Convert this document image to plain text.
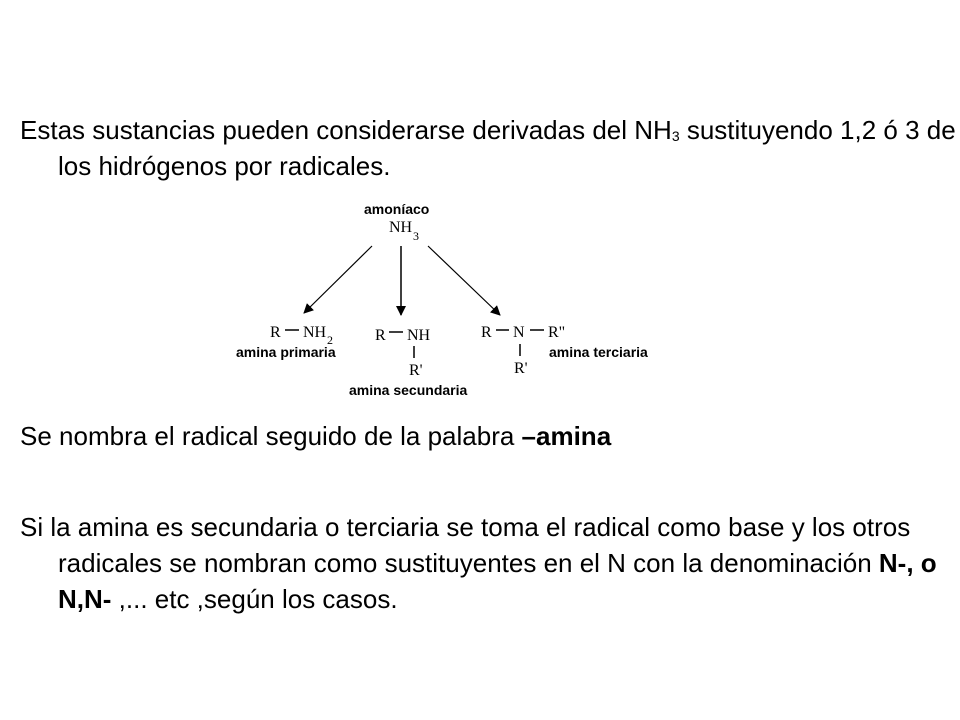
Estas sustancias pueden considerarse derivadas del $NH_3$ sustituyendo 1,2 ó 3 de los hidrógenos por radicales.
amoníaco
NH 3
R NH 2
amina primaria
R NH
R'
amina secundaria
R N R"
R'
amina terciaria
Se nombra el radical seguido de la palabra –amina
Si la amina es secundaria o terciaria se toma el radical como base y los otros radicales se nombran como sustituyentes en el N con la denominación N-, o N,N- ,... etc ,según los casos.
